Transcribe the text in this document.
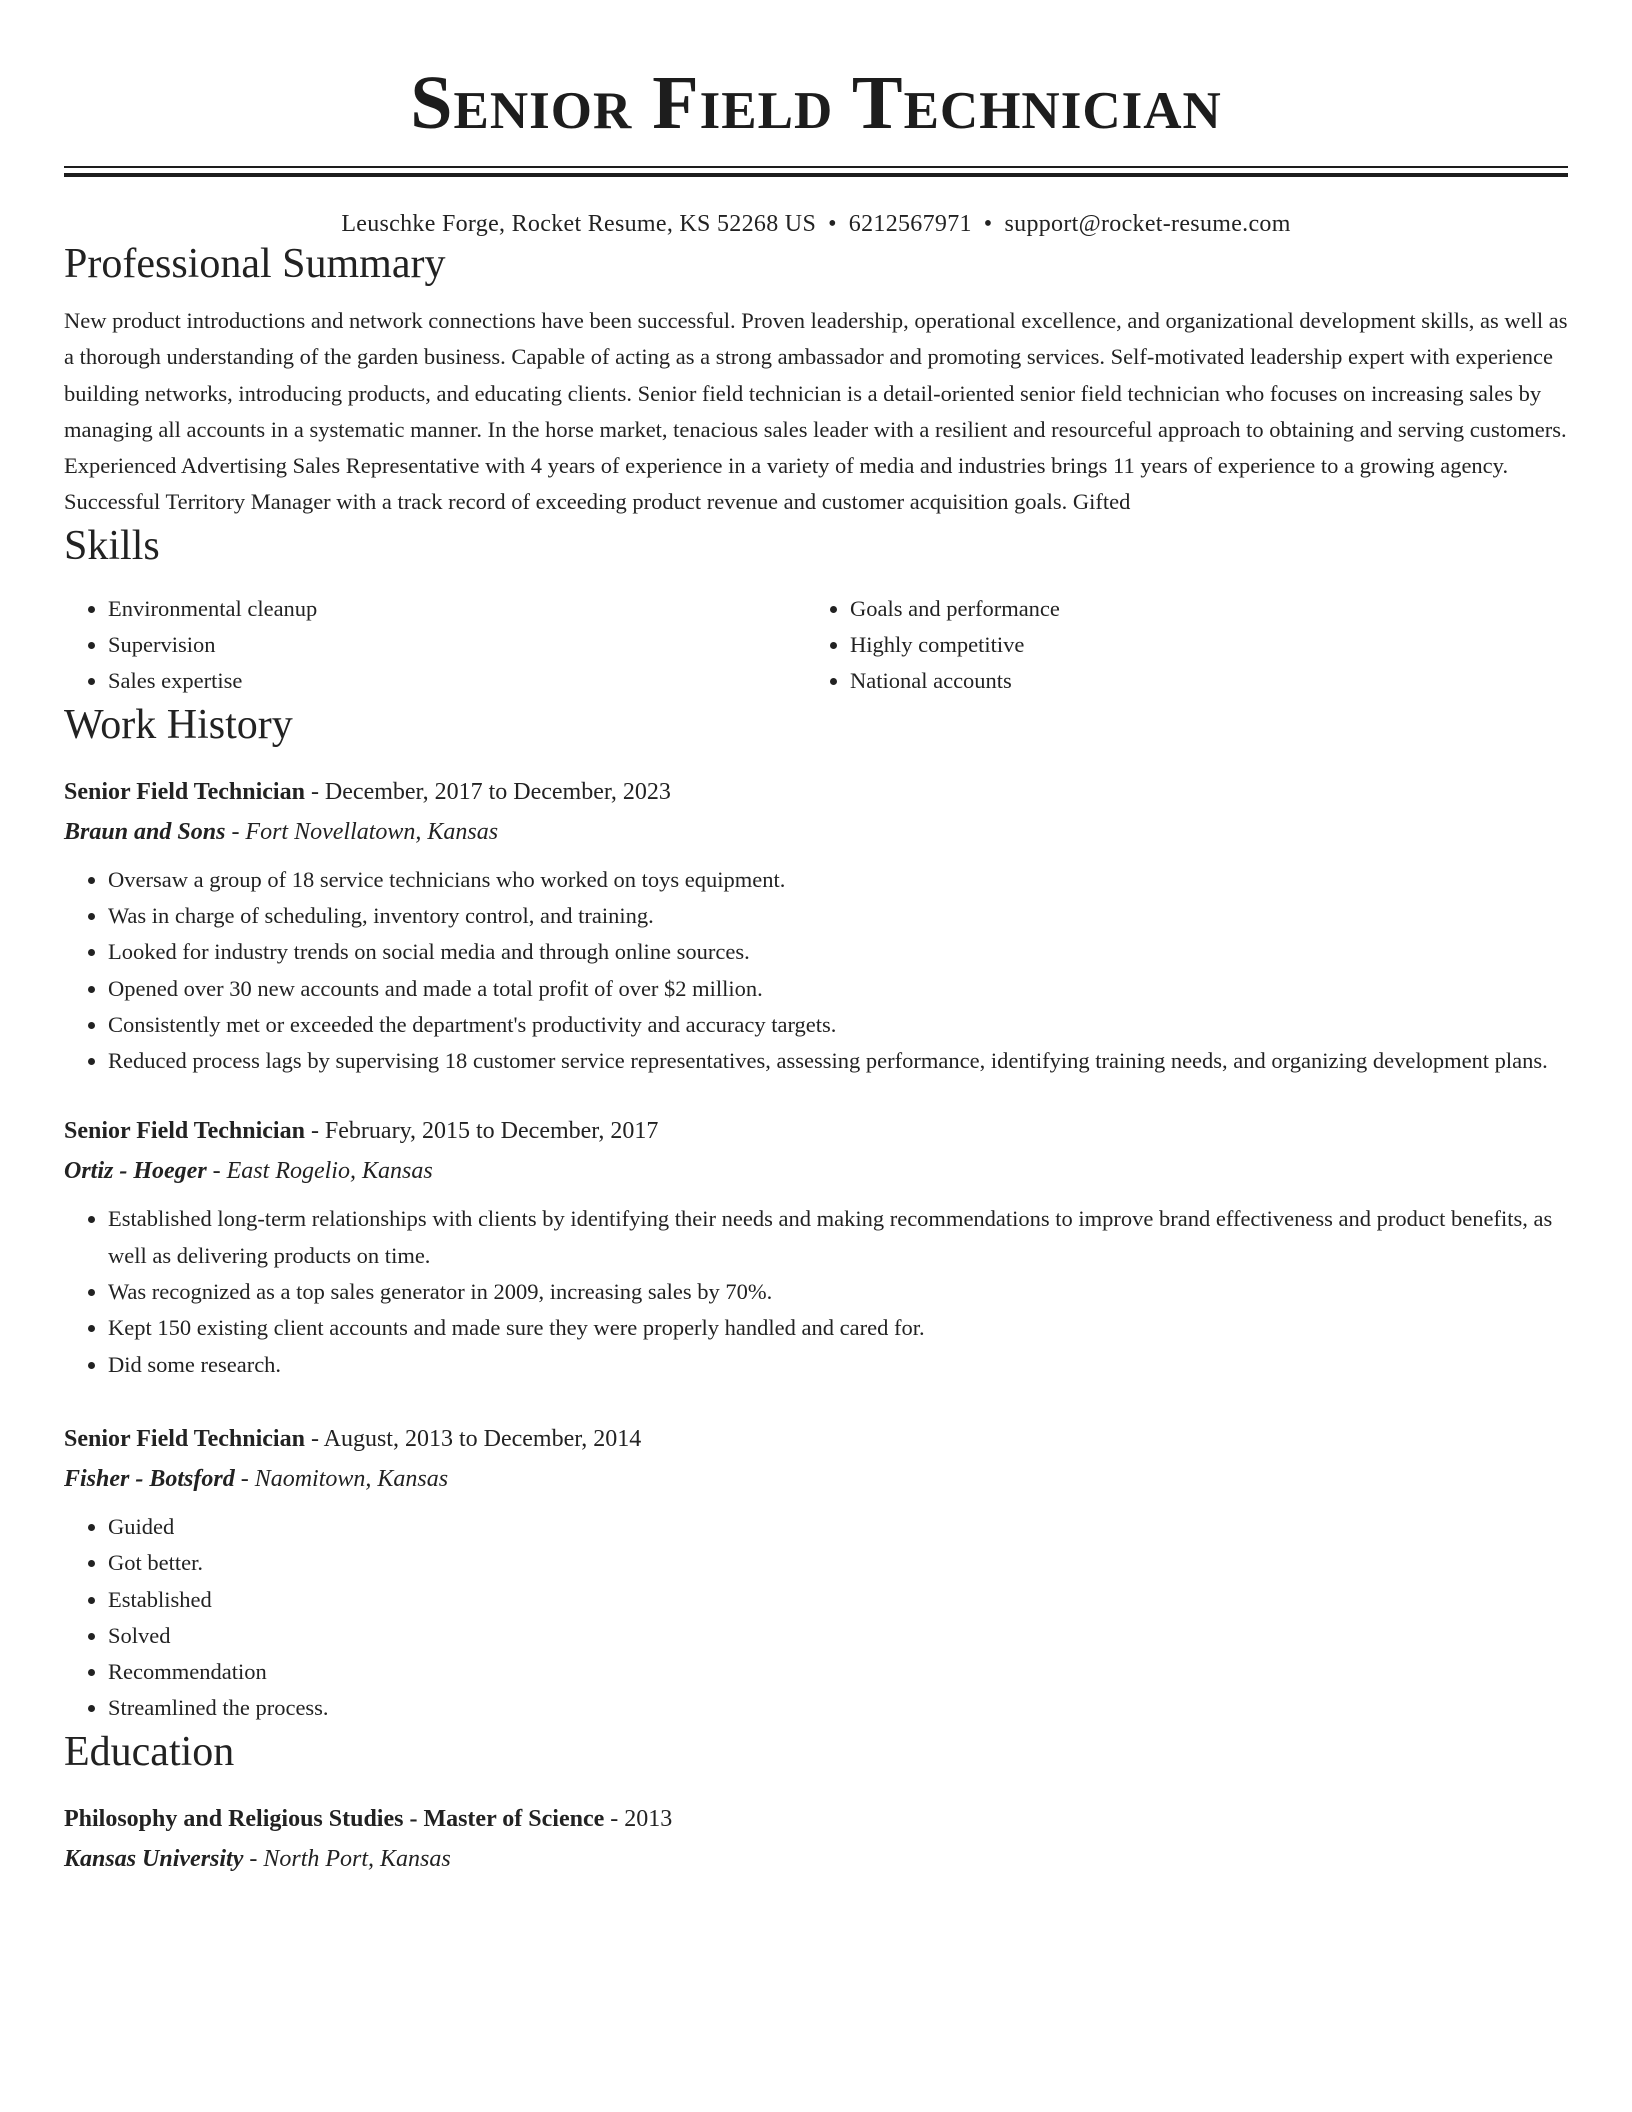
Senior Field Technician
Leuschke Forge, Rocket Resume, KS 52268 US • 6212567971 • support@rocket-resume.com
Professional Summary
New product introductions and network connections have been successful. Proven leadership, operational excellence, and organizational development skills, as well as a thorough understanding of the garden business. Capable of acting as a strong ambassador and promoting services. Self-motivated leadership expert with experience building networks, introducing products, and educating clients. Senior field technician is a detail-oriented senior field technician who focuses on increasing sales by managing all accounts in a systematic manner. In the horse market, tenacious sales leader with a resilient and resourceful approach to obtaining and serving customers. Experienced Advertising Sales Representative with 4 years of experience in a variety of media and industries brings 11 years of experience to a growing agency. Successful Territory Manager with a track record of exceeding product revenue and customer acquisition goals. Gifted
Skills
• Environmental cleanup
• Supervision
• Sales expertise
• Goals and performance
• Highly competitive
• National accounts
Work History
Senior Field Technician - December, 2017 to December, 2023
Braun and Sons - Fort Novellatown, Kansas
• Oversaw a group of 18 service technicians who worked on toys equipment.
• Was in charge of scheduling, inventory control, and training.
• Looked for industry trends on social media and through online sources.
• Opened over 30 new accounts and made a total profit of over $2 million.
• Consistently met or exceeded the department's productivity and accuracy targets.
• Reduced process lags by supervising 18 customer service representatives, assessing performance, identifying training needs, and organizing development plans.
Senior Field Technician - February, 2015 to December, 2017
Ortiz - Hoeger - East Rogelio, Kansas
• Established long-term relationships with clients by identifying their needs and making recommendations to improve brand effectiveness and product benefits, as well as delivering products on time.
• Was recognized as a top sales generator in 2009, increasing sales by 70%.
• Kept 150 existing client accounts and made sure they were properly handled and cared for.
• Did some research.
Senior Field Technician - August, 2013 to December, 2014
Fisher - Botsford - Naomitown, Kansas
• Guided
• Got better.
• Established
• Solved
• Recommendation
• Streamlined the process.
Education
Philosophy and Religious Studies - Master of Science - 2013
Kansas University - North Port, Kansas
